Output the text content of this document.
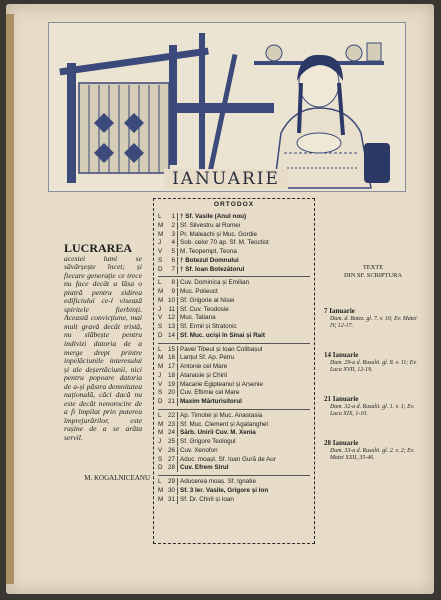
IANUARIE
LUCRAREA acestei lumi se săvârșește încet; și fiecare generație ce trece nu face decât a lăsa o piatră pentru zidirea edificiului ce-l visează spiritele fierbinți. Această convicțiune, mai mult gravă decât tristă, nu slăbește pentru indivizi datoria de a merge drept printre inpelăciunile interesului și ale deșertăciunii, nici pentru popoare datoria de a-și păstra demnitatea națională, căci dacă nu este decât nenorocire de a fi împilat prin puterea împrejurărilor, este rușine de a se arăta servil.
M. KOGALNICEANU
ORTODOX
L	1 † Sf. Vasile (Anul nou)
M	2 Sf. Silvestru al Romei
M	3 Pr. Maleachi și Muc. Gordie
J	4 Sob. celor 70 ap. Sf. M. Teoctist
V	5 M. Teopempt, Teona
S	6 † Botezul Domnului
D	7 † Sf. Ioan Botezătorul
L	8 Cuv. Dominica și Emilian
M	9 Muc. Polieuct
M 10 Sf. Grigorie al Nisei
J	11 Sf. Cuv. Teodosie
V 12 Muc. Tatiana
S 13 Sf. Ermil și Stratonic
D 14 Sf. Muc. uciși în Sinai și Rait
L	15 Pavel Tibeul și Ioan Colibașul
M 16 Lanțul Sf. Ap. Petru
M 17 Antonie cel Mare
J	18 Atanasie și Chiril
V 19 Macarie Egipteanul și Arsenie
S 20 Cuv. Eftimie cel Mare
D 21 Maxim Mărturisitorul
L	22 Ap. Timotei și Muc. Anastasia
M 23 Sf. Muc. Clement și Agatanghel
M 24 Sărb. Unirii Cuv. M. Xenia
J	25 Sf. Grigore Teologul
V 26 Cuv. Xenofon
S 27 Aduc. moașt. Sf. Ioan Gură de Aur
D 28 Cuv. Efrem Sirul
L	29 Aducerea moaș. Sf. Ignatie
M 30 Sf. 3 Ier. Vasile, Grigore și Ion
M 31 Sf. Dr. Chiril și Ioan
TEXTE
DIN SF. SCRIPTURA
7 Ianuarie
Dum. d. Botez. gl. 7. v. 10; Ev. Matei IV, 12-17.
14 Ianuarie
Dum. 29-a d. Rusalii. gl. 8. v. 11; Ev. Luca XVII, 12-19.
21 Ianuarie
Dum. 32-a d. Rusalii. gl. 1. v. 1; Ev. Luca XIX, 1-10.
28 Ianuarie
Dum. 33-a d. Rusalii. gl. 2. v. 2; Ev. Matei XXII, 35-46.
